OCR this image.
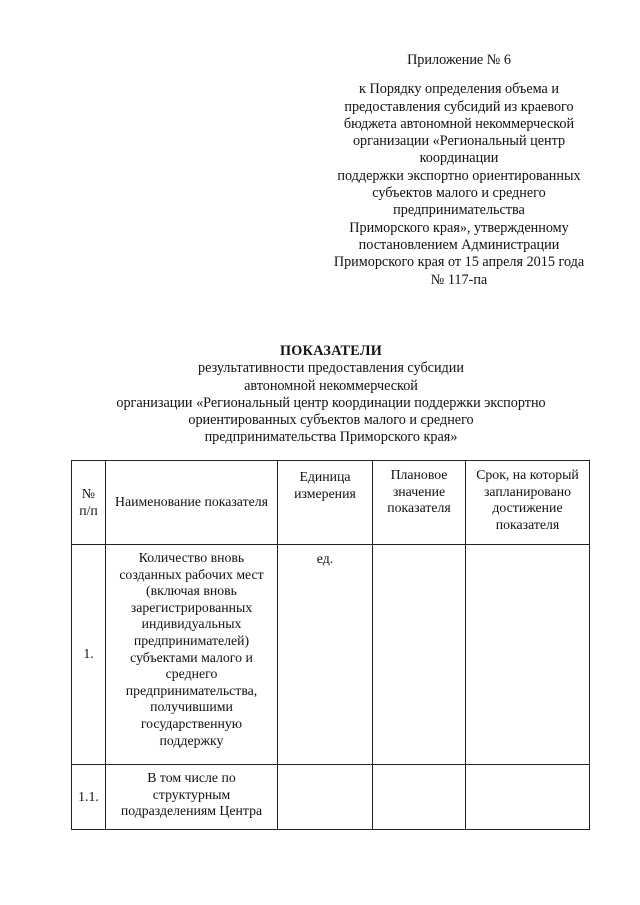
Приложение № 6
к Порядку определения объема и
предоставления субсидий из краевого
бюджета автономной некоммерческой
организации «Региональный центр
координации
поддержки экспортно ориентированных
субъектов малого и среднего
предпринимательства
Приморского края», утвержденному
постановлением Администрации
Приморского края от 15 апреля 2015 года
№ 117-па
ПОКАЗАТЕЛИ
результативности предоставления субсидии
автономной некоммерческой
организации «Региональный центр координации поддержки экспортно
ориентированных субъектов малого и среднего
предпринимательства Приморского края»
№ п/п	Наименование показателя	Единица измерения	Плановое значение показателя	Срок, на который запланировано достижение показателя

1.	Количество вновь созданных рабочих мест (включая вновь зарегистрированных индивидуальных предпринимателей) субъектами малого и среднего предпринимательства, получившими государственную поддержку	ед.		

1.1.	В том числе по структурным подразделениям Центра			
